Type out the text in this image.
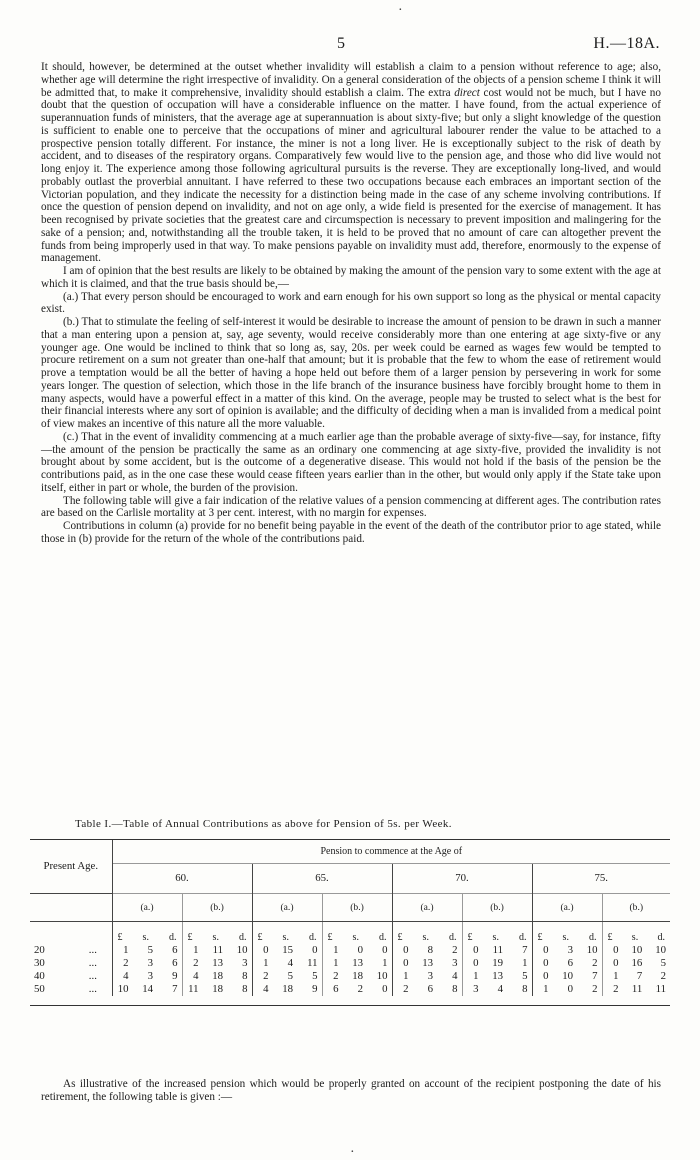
·
5	H.—18A.

It should, however, be determined at the outset whether invalidity will establish a claim to a pension without reference to age; also, whether age will determine the right irrespective of invalidity. On a general consideration of the objects of a pension scheme I think it will be admitted that, to make it comprehensive, invalidity should establish a claim. The extra direct cost would not be much, but I have no doubt that the question of occupation will have a considerable influence on the matter. I have found, from the actual experience of superannuation funds of ministers, that the average age at superannuation is about sixty-five; but only a slight knowledge of the question is sufficient to enable one to perceive that the occupations of miner and agricultural labourer render the value to be attached to a prospective pension totally different. For instance, the miner is not a long liver. He is exceptionally subject to the risk of death by accident, and to diseases of the respiratory organs. Comparatively few would live to the pension age, and those who did live would not long enjoy it. The experience among those following agricultural pursuits is the reverse. They are exceptionally long-lived, and would probably outlast the proverbial annuitant. I have referred to these two occupations because each embraces an important section of the Victorian population, and they indicate the necessity for a distinction being made in the case of any scheme involving contributions. If once the question of pension depend on invalidity, and not on age only, a wide field is presented for the exercise of management. It has been recognised by private societies that the greatest care and circumspection is necessary to prevent imposition and malingering for the sake of a pension; and, notwithstanding all the trouble taken, it is held to be proved that no amount of care can altogether prevent the funds from being improperly used in that way. To make pensions payable on invalidity must add, therefore, enormously to the expense of management.

I am of opinion that the best results are likely to be obtained by making the amount of the pension vary to some extent with the age at which it is claimed, and that the true basis should be,—

(a.) That every person should be encouraged to work and earn enough for his own support so long as the physical or mental capacity exist.

(b.) That to stimulate the feeling of self-interest it would be desirable to increase the amount of pension to be drawn in such a manner that a man entering upon a pension at, say, age seventy, would receive considerably more than one entering at age sixty-five or any younger age. One would be inclined to think that so long as, say, 20s. per week could be earned as wages few would be tempted to procure retirement on a sum not greater than one-half that amount; but it is probable that the few to whom the ease of retirement would prove a temptation would be all the better of having a hope held out before them of a larger pension by persevering in work for some years longer. The question of selection, which those in the life branch of the insurance business have forcibly brought home to them in many aspects, would have a powerful effect in a matter of this kind. On the average, people may be trusted to select what is the best for their financial interests where any sort of opinion is available; and the difficulty of deciding when a man is invalided from a medical point of view makes an incentive of this nature all the more valuable.

(c.) That in the event of invalidity commencing at a much earlier age than the probable average of sixty-five—say, for instance, fifty—the amount of the pension be practically the same as an ordinary one commencing at age sixty-five, provided the invalidity is not brought about by some accident, but is the outcome of a degenerative disease. This would not hold if the basis of the pension be the contributions paid, as in the one case these would cease fifteen years earlier than in the other, but would only apply if the State take upon itself, either in part or whole, the burden of the provision.

The following table will give a fair indication of the relative values of a pension commencing at different ages. The contribution rates are based on the Carlisle mortality at 3 per cent. interest, with no margin for expenses.

Contributions in column (a) provide for no benefit being payable in the event of the death of the contributor prior to age stated, while those in (b) provide for the return of the whole of the contributions paid.

Table I.—Table of Annual Contributions as above for Pension of 5s. per Week.
Present Age.	Pension to commence at the Age of							
	60.		65.		70.		75.	
	(a.)	(b.)	(a.)	(b.)	(a.)	(b.)	(a.)	(b.)

	£ s. d.	£ s. d.	£ s. d.	£ s. d.	£ s. d.	£ s. d.	£ s. d.	£ s. d.

20 ...	1 5 6	1 11 10	0 15 0	1 0 0	0 8 2	0 11 7	0 3 10	0 10 10

30 ...	2 3 6	2 13 3	1 4 11	1 13 1	0 13 3	0 19 1	0 6 2	0 16 5

40 ...	4 3 9	4 18 8	2 5 5	2 18 10	1 3 4	1 13 5	0 10 7	1 7 2

50 ...	10 14 7	11 18 8	4 18 9	6 2 0	2 6 8	3 4 8	1 0 2	2 11 11

As illustrative of the increased pension which would be properly granted on account of the recipient postponing the date of his retirement, the following table is given :—

·
